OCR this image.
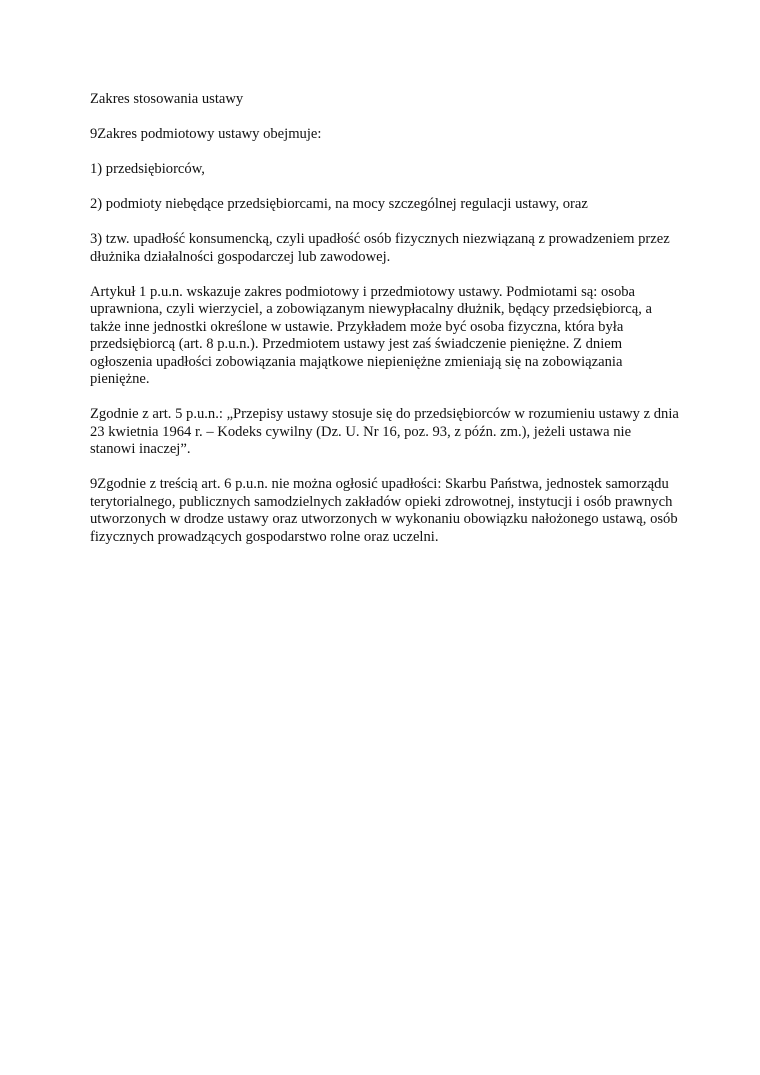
Zakres stosowania ustawy

9Zakres podmiotowy ustawy obejmuje:

1) przedsiębiorców,

2) podmioty niebędące przedsiębiorcami, na mocy szczególnej regulacji ustawy, oraz

3) tzw. upadłość konsumencką, czyli upadłość osób fizycznych niezwiązaną z prowadzeniem przez dłużnika działalności gospodarczej lub zawodowej.

Artykuł 1 p.u.n. wskazuje zakres podmiotowy i przedmiotowy ustawy. Podmiotami są: osoba uprawniona, czyli wierzyciel, a zobowiązanym niewypłacalny dłużnik, będący przedsiębiorcą, a także inne jednostki określone w ustawie. Przykładem może być osoba fizyczna, która była przedsiębiorcą (art. 8 p.u.n.). Przedmiotem ustawy jest zaś świadczenie pieniężne. Z dniem ogłoszenia upadłości zobowiązania majątkowe niepieniężne zmieniają się na zobowiązania pieniężne.

Zgodnie z art. 5 p.u.n.: „Przepisy ustawy stosuje się do przedsiębiorców w rozumieniu ustawy z dnia 23 kwietnia 1964 r. – Kodeks cywilny (Dz. U. Nr 16, poz. 93, z późn. zm.), jeżeli ustawa nie stanowi inaczej”.

9Zgodnie z treścią art. 6 p.u.n. nie można ogłosić upadłości: Skarbu Państwa, jednostek samorządu terytorialnego, publicznych samodzielnych zakładów opieki zdrowotnej, instytucji i osób prawnych utworzonych w drodze ustawy oraz utworzonych w wykonaniu obowiązku nałożonego ustawą, osób fizycznych prowadzących gospodarstwo rolne oraz uczelni.
